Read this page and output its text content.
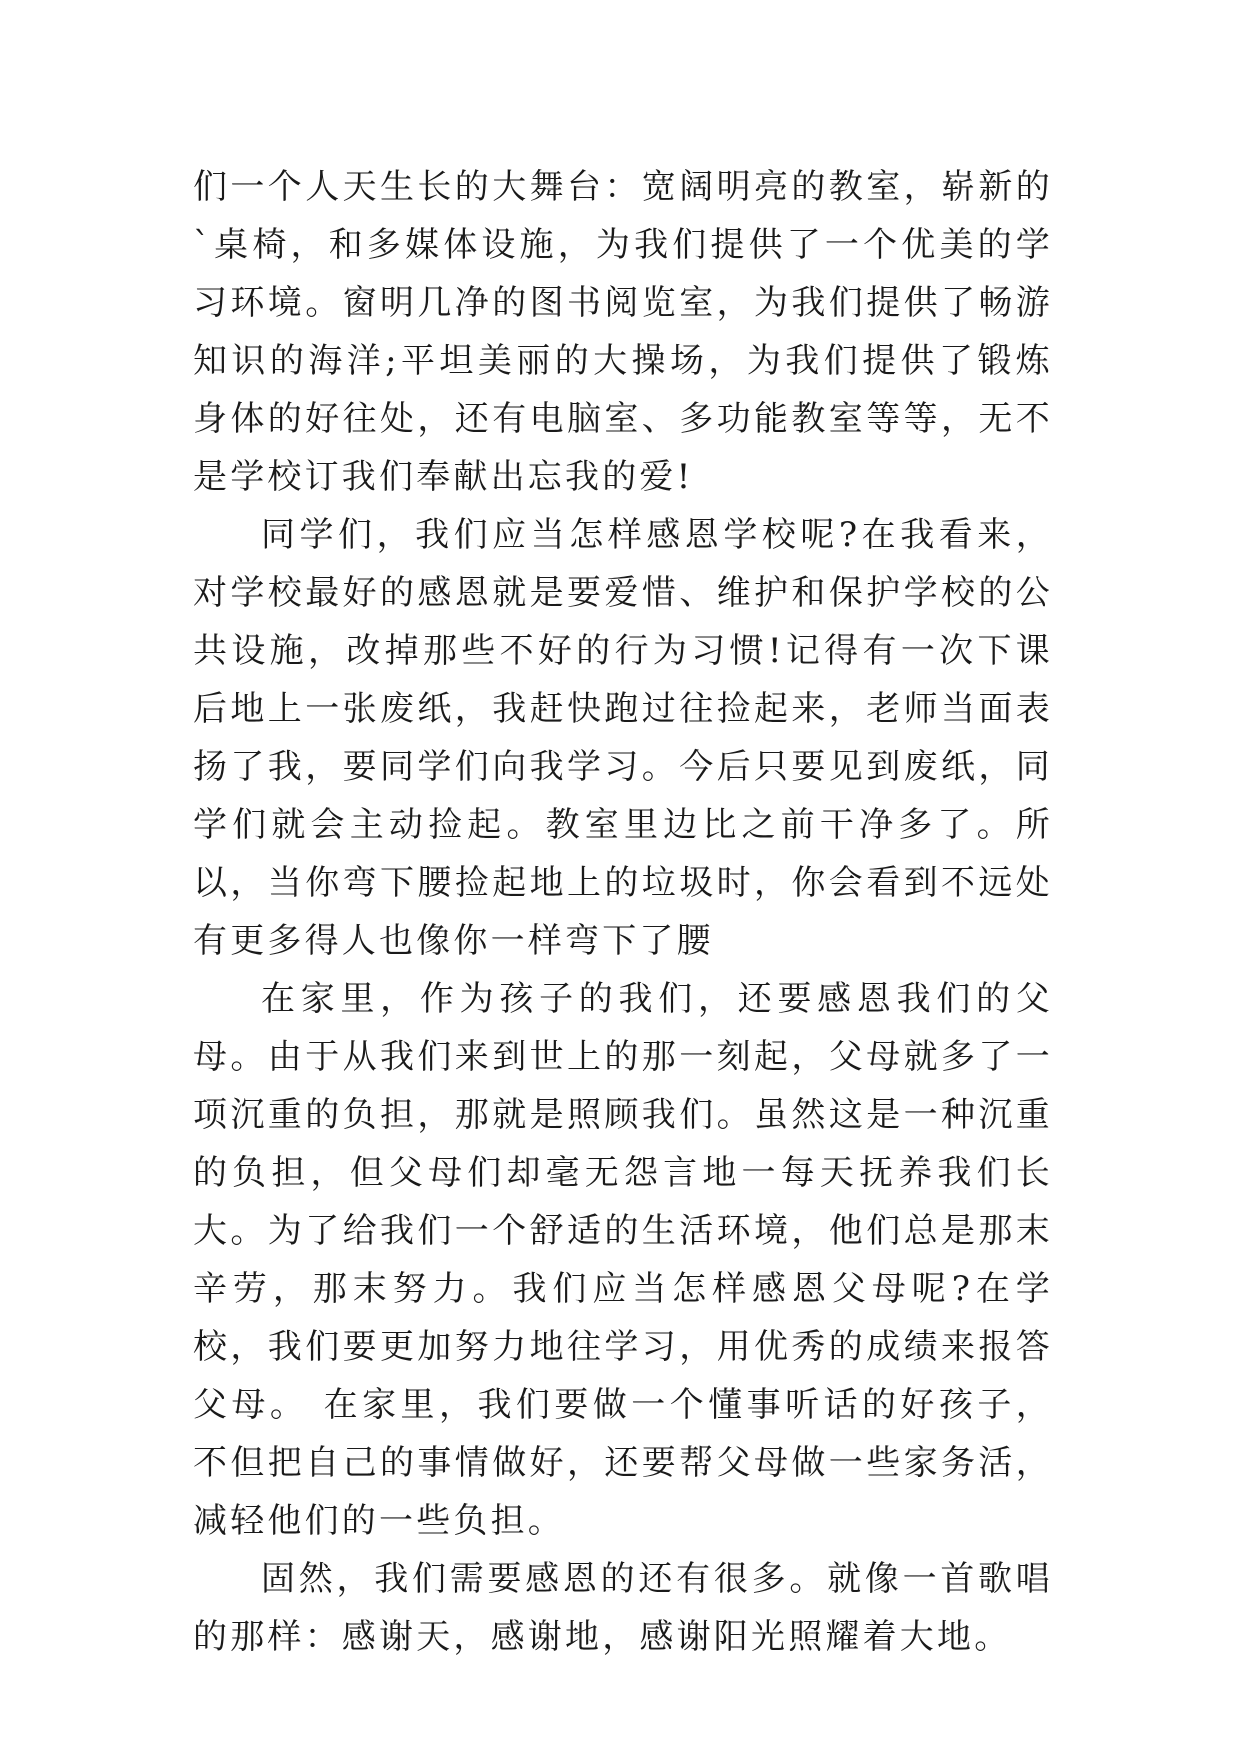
们一个人天生长的大舞台：宽阔明亮的教室，崭新的`桌椅，和多媒体设施，为我们提供了一个优美的学习环境。窗明几净的图书阅览室，为我们提供了畅游知识的海洋;平坦美丽的大操场，为我们提供了锻炼身体的好往处，还有电脑室、多功能教室等等，无不是学校订我们奉献出忘我的爱!

同学们，我们应当怎样感恩学校呢?在我看来，对学校最好的感恩就是要爱惜、维护和保护学校的公共设施，改掉那些不好的行为习惯!记得有一次下课后地上一张废纸，我赶快跑过往捡起来，老师当面表扬了我，要同学们向我学习。今后只要见到废纸，同学们就会主动捡起。教室里边比之前干净多了。所以，当你弯下腰捡起地上的垃圾时，你会看到不远处有更多得人也像你一样弯下了腰

在家里，作为孩子的我们，还要感恩我们的父母。由于从我们来到世上的那一刻起，父母就多了一项沉重的负担，那就是照顾我们。虽然这是一种沉重的负担，但父母们却毫无怨言地一每天抚养我们长大。为了给我们一个舒适的生活环境，他们总是那末辛劳，那末努力。我们应当怎样感恩父母呢?在学校，我们要更加努力地往学习，用优秀的成绩来报答父母。 在家里，我们要做一个懂事听话的好孩子，不但把自己的事情做好，还要帮父母做一些家务活，减轻他们的一些负担。

固然，我们需要感恩的还有很多。就像一首歌唱的那样：感谢天，感谢地，感谢阳光照耀着大地。
